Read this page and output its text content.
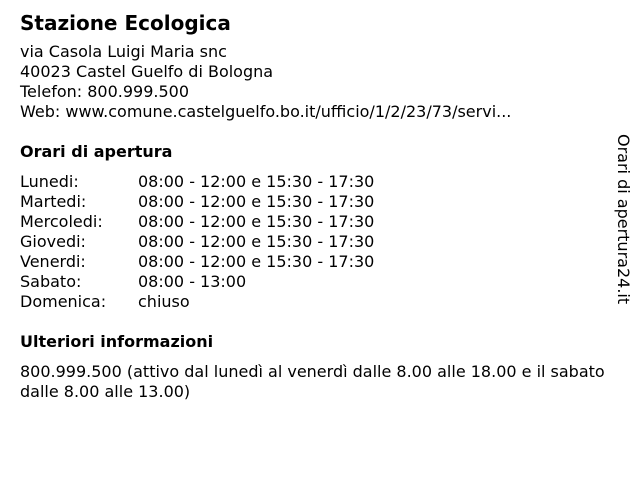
Stazione Ecologica
via Casola Luigi Maria snc
40023 Castel Guelfo di Bologna
Telefon: 800.999.500
Web: www.comune.castelguelfo.bo.it/ufficio/1/2/23/73/servi...
Orari di apertura
Lunedi:	08:00 - 12:00 e 15:30 - 17:30
Martedi:	08:00 - 12:00 e 15:30 - 17:30
Mercoledi:	08:00 - 12:00 e 15:30 - 17:30
Giovedi:	08:00 - 12:00 e 15:30 - 17:30
Venerdi:	08:00 - 12:00 e 15:30 - 17:30
Sabato:	08:00 - 13:00
Domenica:	chiuso
Ulteriori informazioni
800.999.500 (attivo dal lunedì al venerdì dalle 8.00 alle 18.00 e il sabato dalle 8.00 alle 13.00)
Orari di apertura24.it
